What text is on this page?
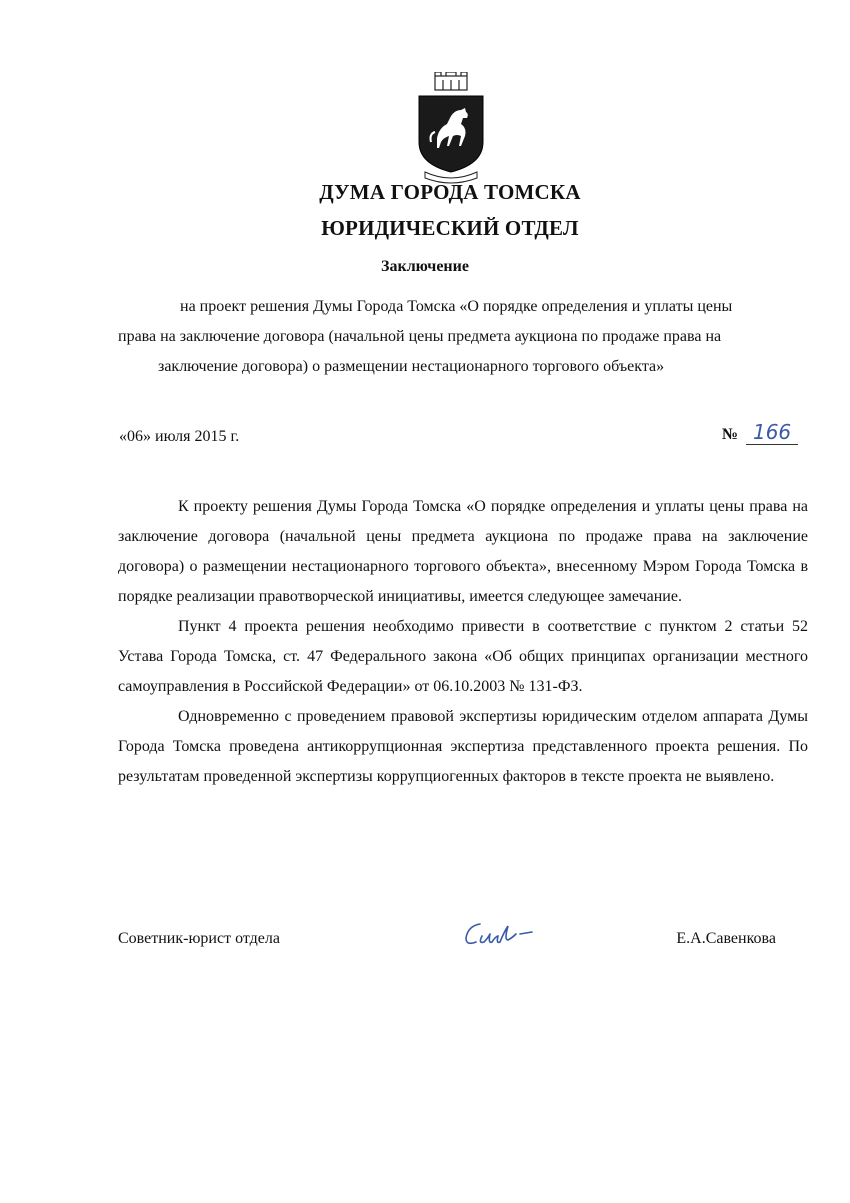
ДУМА ГОРОДА ТОМСКА
ЮРИДИЧЕСКИЙ ОТДЕЛ
Заключение
на проект решения Думы Города Томска «О порядке определения и уплаты цены
права на заключение договора (начальной цены предмета аукциона по продаже права на
заключение договора) о размещении нестационарного торгового объекта»
«06» июля 2015 г.	№ 166

К проекту решения Думы Города Томска «О порядке определения и уплаты цены права на заключение договора (начальной цены предмета аукциона по продаже права на заключение договора) о размещении нестационарного торгового объекта», внесенному Мэром Города Томска в порядке реализации правотворческой инициативы, имеется следующее замечание.

Пункт 4 проекта решения необходимо привести в соответствие с пунктом 2 статьи 52 Устава Города Томска, ст. 47 Федерального закона «Об общих принципах организации местного самоуправления в Российской Федерации» от 06.10.2003 № 131-ФЗ.

Одновременно с проведением правовой экспертизы юридическим отделом аппарата Думы Города Томска проведена антикоррупционная экспертиза представленного проекта решения. По результатам проведенной экспертизы коррупциогенных факторов в тексте проекта не выявлено.

Советник-юрист отдела	Е.А.Савенкова
